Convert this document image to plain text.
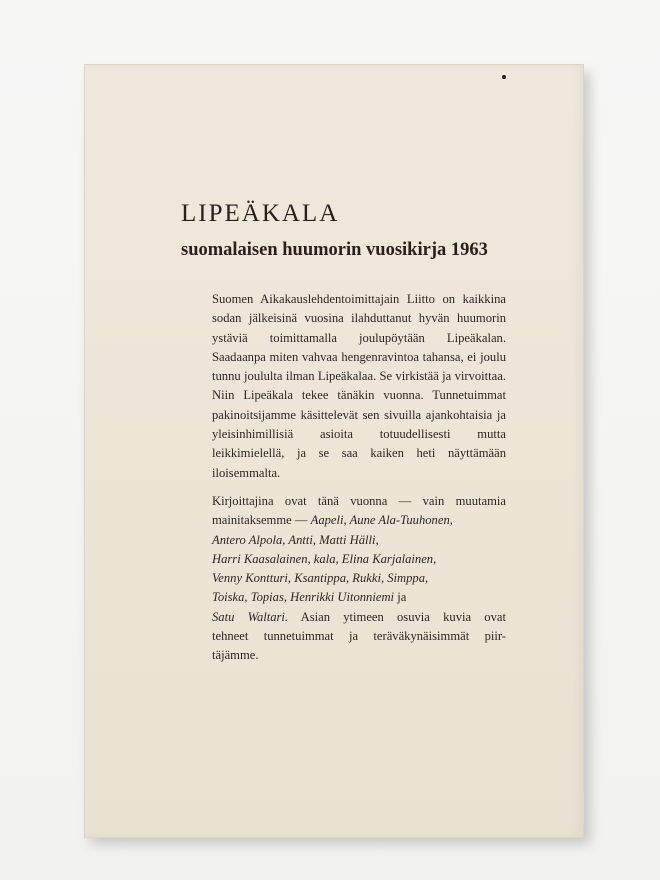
LIPEÄKALA
suomalaisen huumorin vuosikirja 1963

Suomen Aikakauslehdentoimittajain Liitto on kaikkina sodan jälkeisinä vuosina ilahduttanut hyvän huumorin ystäviä toimittamalla joulupöytään Lipeäkalan. Saadaanpa miten vahvaa hengenravintoa tahansa, ei joulu tunnu joululta ilman Lipeäkalaa. Se virkistää ja virvoittaa. Niin Lipeäkala tekee tänäkin vuonna. Tunnetuimmat pakinoitsijamme käsittelevät sen sivuilla ajankohtaisia ja yleisinhimillisiä asioita totuudellisesti mutta leikkimielellä, ja se saa kaiken heti näyttämään iloisemmalta.

Kirjoittajina ovat tänä vuonna — vain muutamia
mainitaksemme — Aapeli, Aune Ala-Tuuhonen,
Antero Alpola, Antti, Matti Hälli,
Harri Kaasalainen, kala, Elina Karjalainen,
Venny Kontturi, Ksantippa, Rukki, Simppa,
Toiska, Topias, Henrikki Uitonniemi ja
Satu Waltari. Asian ytimeen osuvia kuvia ovat
tehneet tunnetuimmat ja teräväkynäisimmät piir-
täjämme.
